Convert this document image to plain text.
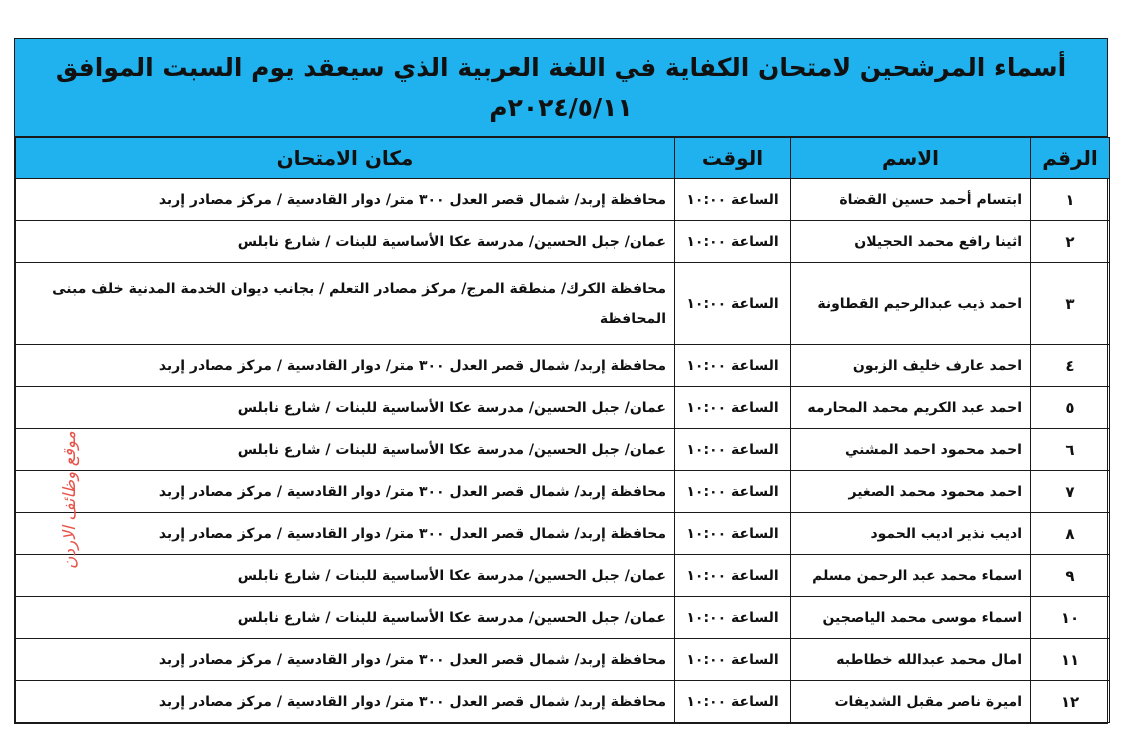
أسماء المرشحين لامتحان الكفاية في اللغة العربية الذي سيعقد يوم السبت الموافق
٢٠٢٤/٥/١١م
الرقم	الاسم	الوقت	مكان الامتحان
١	ابتسام أحمد حسين القضاة	الساعة ١٠:٠٠	محافظة إربد/ شمال قصر العدل ٣٠٠ متر/ دوار القادسية / مركز مصادر إربد
٢	اثينا رافع محمد الحجيلان	الساعة ١٠:٠٠	عمان/ جبل الحسين/ مدرسة عكا الأساسية للبنات / شارع نابلس
٣	احمد ذيب عبدالرحيم القطاونة	الساعة ١٠:٠٠	محافظة الكرك/ منطقة المرج/ مركز مصادر التعلم / بجانب ديوان الخدمة المدنية خلف مبنى المحافظة
٤	احمد عارف خليف الزبون	الساعة ١٠:٠٠	محافظة إربد/ شمال قصر العدل ٣٠٠ متر/ دوار القادسية / مركز مصادر إربد
٥	احمد عبد الكريم محمد المحارمه	الساعة ١٠:٠٠	عمان/ جبل الحسين/ مدرسة عكا الأساسية للبنات / شارع نابلس
٦	احمد محمود احمد المشني	الساعة ١٠:٠٠	عمان/ جبل الحسين/ مدرسة عكا الأساسية للبنات / شارع نابلس
٧	احمد محمود محمد الصغير	الساعة ١٠:٠٠	محافظة إربد/ شمال قصر العدل ٣٠٠ متر/ دوار القادسية / مركز مصادر إربد
٨	اديب نذير اديب الحمود	الساعة ١٠:٠٠	محافظة إربد/ شمال قصر العدل ٣٠٠ متر/ دوار القادسية / مركز مصادر إربد
٩	اسماء محمد عبد الرحمن مسلم	الساعة ١٠:٠٠	عمان/ جبل الحسين/ مدرسة عكا الأساسية للبنات / شارع نابلس
١٠	اسماء موسى محمد الياصجين	الساعة ١٠:٠٠	عمان/ جبل الحسين/ مدرسة عكا الأساسية للبنات / شارع نابلس
١١	امال محمد عبدالله خطاطبه	الساعة ١٠:٠٠	محافظة إربد/ شمال قصر العدل ٣٠٠ متر/ دوار القادسية / مركز مصادر إربد
١٢	اميرة ناصر مقبل الشديفات	الساعة ١٠:٠٠	محافظة إربد/ شمال قصر العدل ٣٠٠ متر/ دوار القادسية / مركز مصادر إربد
موقع وظائف الاردن
